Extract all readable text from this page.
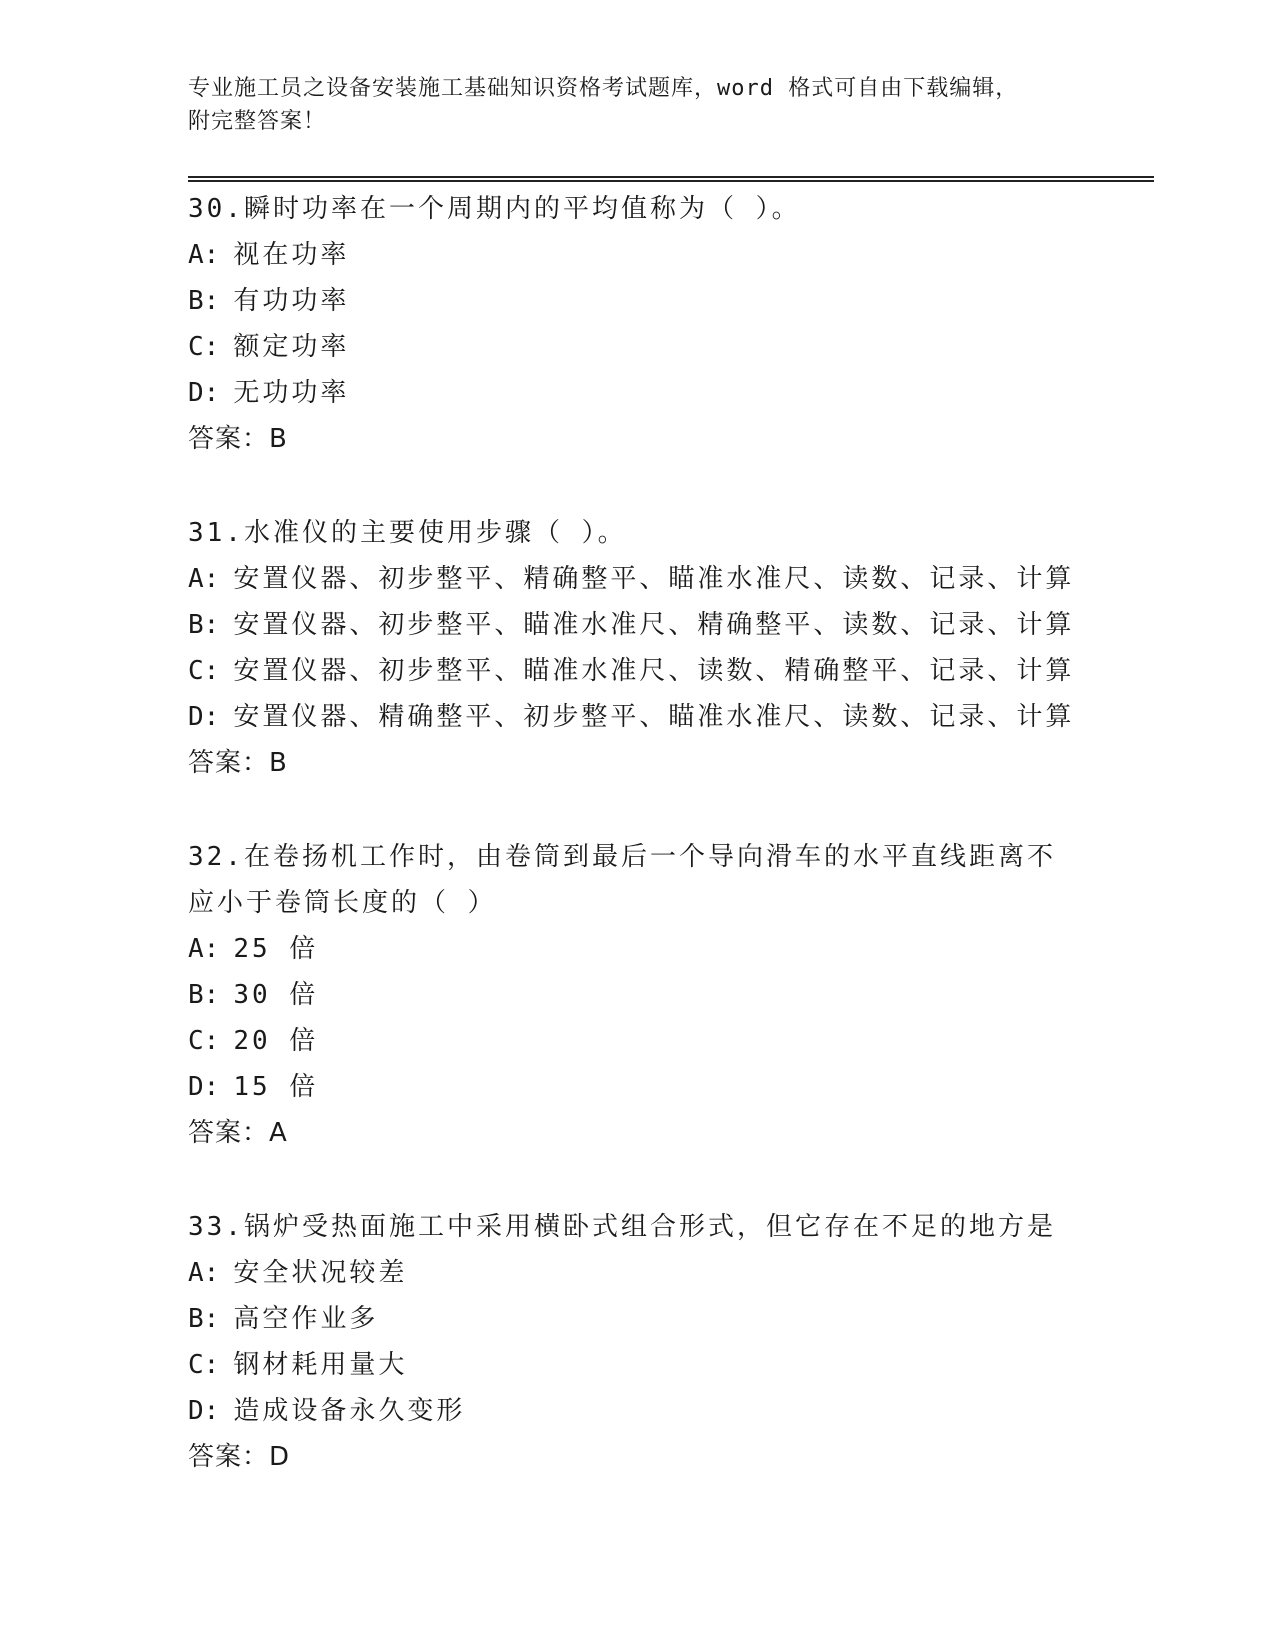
专业施工员之设备安装施工基础知识资格考试题库，word 格式可自由下载编辑，
附完整答案！
30.瞬时功率在一个周期内的平均值称为（ ）。
A: 视在功率
B: 有功功率
C: 额定功率
D: 无功功率
答案：B
31.水准仪的主要使用步骤（ ）。
A: 安置仪器、初步整平、精确整平、瞄准水准尺、读数、记录、计算
B: 安置仪器、初步整平、瞄准水准尺、精确整平、读数、记录、计算
C: 安置仪器、初步整平、瞄准水准尺、读数、精确整平、记录、计算
D: 安置仪器、精确整平、初步整平、瞄准水准尺、读数、记录、计算
答案：B
32.在卷扬机工作时，由卷筒到最后一个导向滑车的水平直线距离不应小于卷筒长度的（ ）
A: 25 倍
B: 30 倍
C: 20 倍
D: 15 倍
答案：A
33.锅炉受热面施工中采用横卧式组合形式，但它存在不足的地方是
A: 安全状况较差
B: 高空作业多
C: 钢材耗用量大
D: 造成设备永久变形
答案：D
